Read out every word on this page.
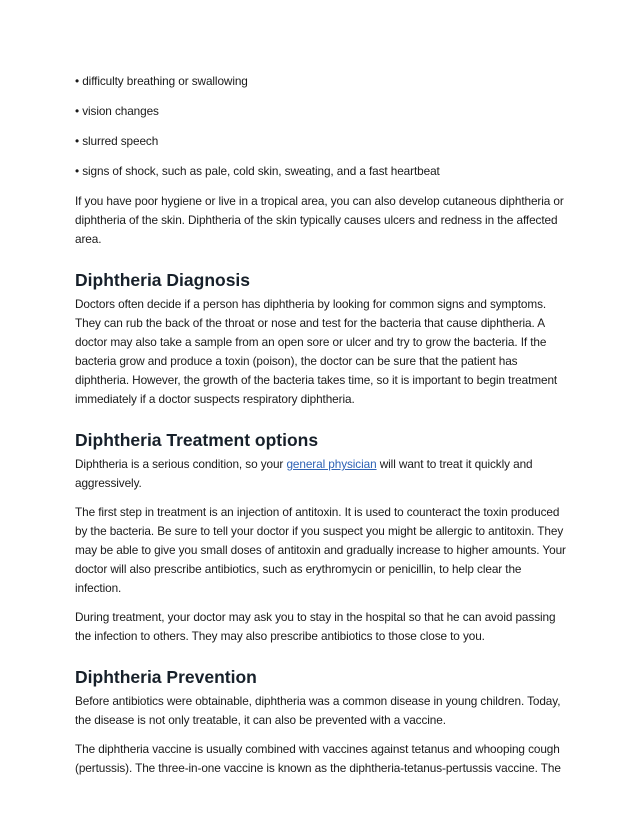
• difficulty breathing or swallowing

• vision changes

• slurred speech

• signs of shock, such as pale, cold skin, sweating, and a fast heartbeat

If you have poor hygiene or live in a tropical area, you can also develop cutaneous diphtheria or diphtheria of the skin. Diphtheria of the skin typically causes ulcers and redness in the affected area.

Diphtheria Diagnosis

Doctors often decide if a person has diphtheria by looking for common signs and symptoms. They can rub the back of the throat or nose and test for the bacteria that cause diphtheria. A doctor may also take a sample from an open sore or ulcer and try to grow the bacteria. If the bacteria grow and produce a toxin (poison), the doctor can be sure that the patient has diphtheria. However, the growth of the bacteria takes time, so it is important to begin treatment immediately if a doctor suspects respiratory diphtheria.

Diphtheria Treatment options

Diphtheria is a serious condition, so your general physician will want to treat it quickly and aggressively.

The first step in treatment is an injection of antitoxin. It is used to counteract the toxin produced by the bacteria. Be sure to tell your doctor if you suspect you might be allergic to antitoxin. They may be able to give you small doses of antitoxin and gradually increase to higher amounts. Your doctor will also prescribe antibiotics, such as erythromycin or penicillin, to help clear the infection.

During treatment, your doctor may ask you to stay in the hospital so that he can avoid passing the infection to others. They may also prescribe antibiotics to those close to you.

Diphtheria Prevention

Before antibiotics were obtainable, diphtheria was a common disease in young children. Today, the disease is not only treatable, it can also be prevented with a vaccine.

The diphtheria vaccine is usually combined with vaccines against tetanus and whooping cough (pertussis). The three-in-one vaccine is known as the diphtheria-tetanus-pertussis vaccine. The
